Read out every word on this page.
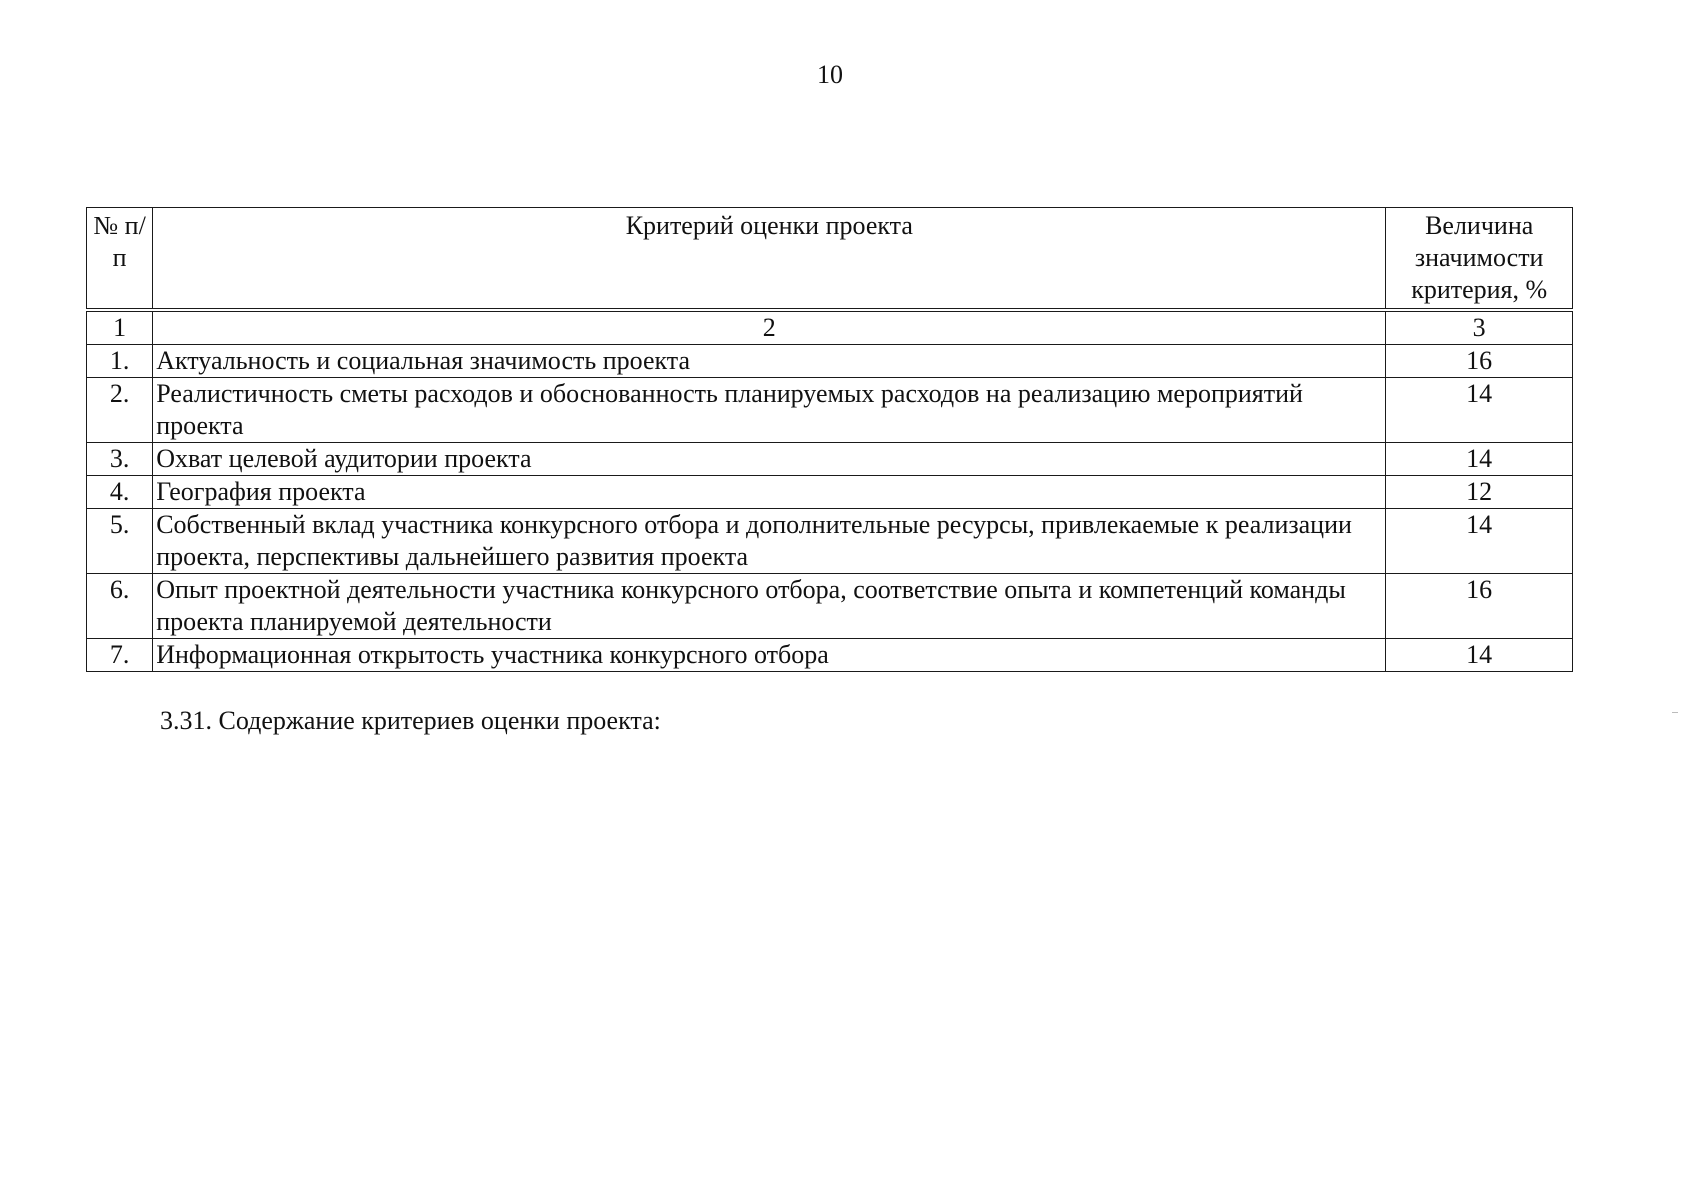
10
№ п/п	Критерий оценки проекта	Величина значимости критерия, %
1	2	3
1.	Актуальность и социальная значимость проекта	16
2.	Реалистичность сметы расходов и обоснованность планируемых расходов на реализацию мероприятий проекта	14
3.	Охват целевой аудитории проекта	14
4.	География проекта	12
5.	Собственный вклад участника конкурсного отбора и дополнительные ресурсы, привлекаемые к реализации проекта, перспективы дальнейшего развития проекта	14
6.	Опыт проектной деятельности участника конкурсного отбора, соответствие опыта и компетенций команды проекта планируемой деятельности	16
7.	Информационная открытость участника конкурсного отбора	14
3.31. Содержание критериев оценки проекта:
